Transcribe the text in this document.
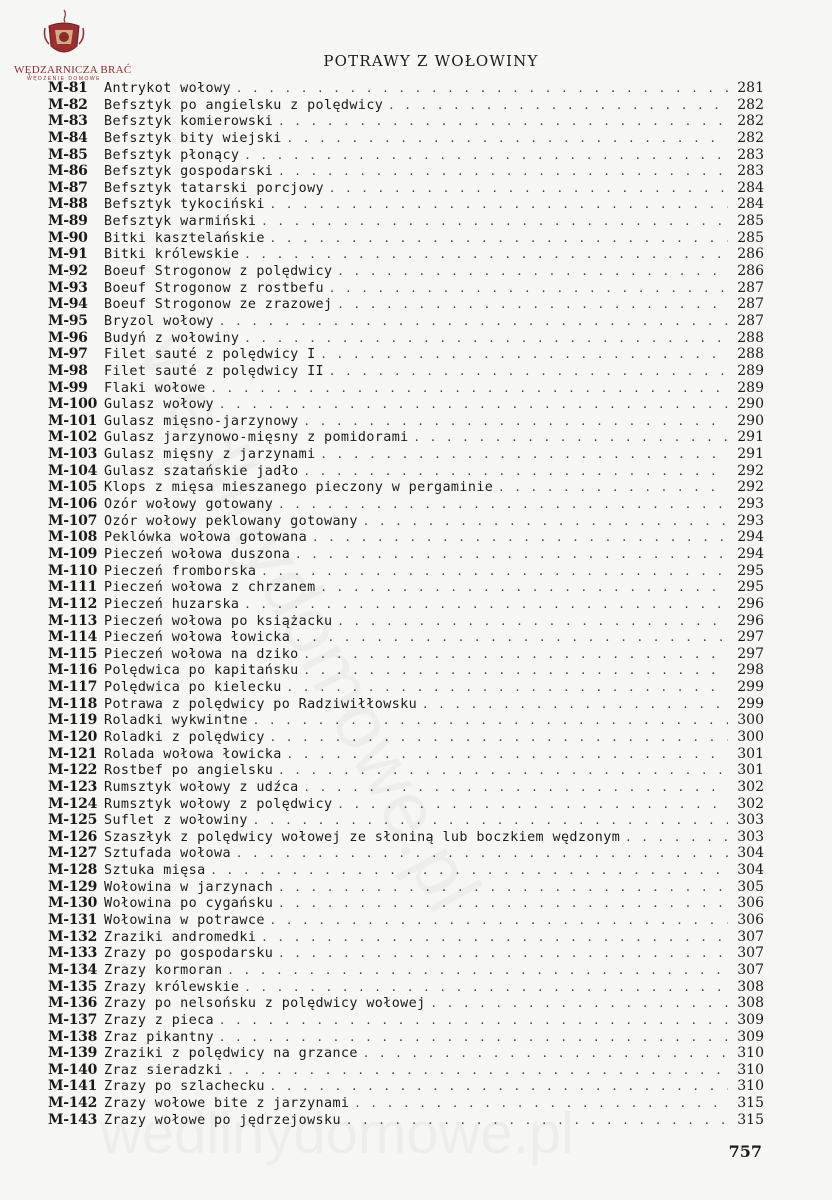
WĘDZARNICZA BRAĆ
WĘDZENIE DOMOWE
POTRAWY Z WOŁOWINY
M-81	Antrykot wołowy . . .	281
M-82	Befsztyk po angielsku z polędwicy . . .	282
M-83	Befsztyk komierowski . . .	282
M-84	Befsztyk bity wiejski . . .	282
M-85	Befsztyk płonący . . .	283
M-86	Befsztyk gospodarski . . .	283
M-87	Befsztyk tatarski porcjowy . . .	284
M-88	Befsztyk tykociński . . .	284
M-89	Befsztyk warmiński . . .	285
M-90	Bitki kasztelańskie . . .	285
M-91	Bitki królewskie . . .	286
M-92	Boeuf Strogonow z polędwicy . . .	286
M-93	Boeuf Strogonow z rostbefu . . .	287
M-94	Boeuf Strogonow ze zrazowej . . .	287
M-95	Bryzol wołowy . . .	287
M-96	Budyń z wołowiny . . .	288
M-97	Filet sauté z polędwicy I . . .	288
M-98	Filet sauté z polędwicy II . . .	289
M-99	Flaki wołowe . . .	289
M-100 Gulasz wołowy . . .	290
M-101 Gulasz mięsno-jarzynowy . . .	290
M-102 Gulasz jarzynowo-mięsny z pomidorami . . .	291
M-103 Gulasz mięsny z jarzynami . . .	291
M-104 Gulasz szatańskie jadło . . .	292
M-105 Klops z mięsa mieszanego pieczony w pergaminie . . .	292
M-106 Ozór wołowy gotowany . . .	293
M-107 Ozór wołowy peklowany gotowany . . .	293
M-108 Peklówka wołowa gotowana . . .	294
M-109 Pieczeń wołowa duszona . . .	294
M-110 Pieczeń fromborska . . .	295
M-111 Pieczeń wołowa z chrzanem . . .	295
M-112 Pieczeń huzarska . . .	296
M-113 Pieczeń wołowa po książacku . . .	296
M-114 Pieczeń wołowa łowicka . . .	297
M-115 Pieczeń wołowa na dziko . . .	297
M-116 Polędwica po kapitańsku . . .	298
M-117 Polędwica po kielecku . . .	299
M-118 Potrawa z polędwicy po Radziwiłłowsku . . .	299
M-119 Roladki wykwintne . . .	300
M-120 Roladki z polędwicy . . .	300
M-121 Rolada wołowa łowicka . . .	301
M-122 Rostbef po angielsku . . .	301
M-123 Rumsztyk wołowy z udźca . . .	302
M-124 Rumsztyk wołowy z polędwicy . . .	302
M-125 Suflet z wołowiny . . .	303
M-126 Szaszłyk z polędwicy wołowej ze słoniną lub boczkiem wędzonym . . .	303
M-127 Sztufada wołowa . . .	304
M-128 Sztuka mięsa . . .	304
M-129 Wołowina w jarzynach . . .	305
M-130 Wołowina po cygańsku . . .	306
M-131 Wołowina w potrawce . . .	306
M-132 Zraziki andromedki . . .	307
M-133 Zrazy po gospodarsku . . .	307
M-134 Zrazy kormoran . . .	307
M-135 Zrazy królewskie . . .	308
M-136 Zrazy po nelsońsku z polędwicy wołowej . . .	308
M-137 Zrazy z pieca . . .	309
M-138 Zraz pikantny . . .	309
M-139 Zraziki z polędwicy na grzance . . .	310
M-140 Zraz sieradzki . . .	310
M-141 Zrazy po szlachecku . . .	310
M-142 Zrazy wołowe bite z jarzynami . . .	315
M-143 Zrazy wołowe po jędrzejowsku . . .	315
757
